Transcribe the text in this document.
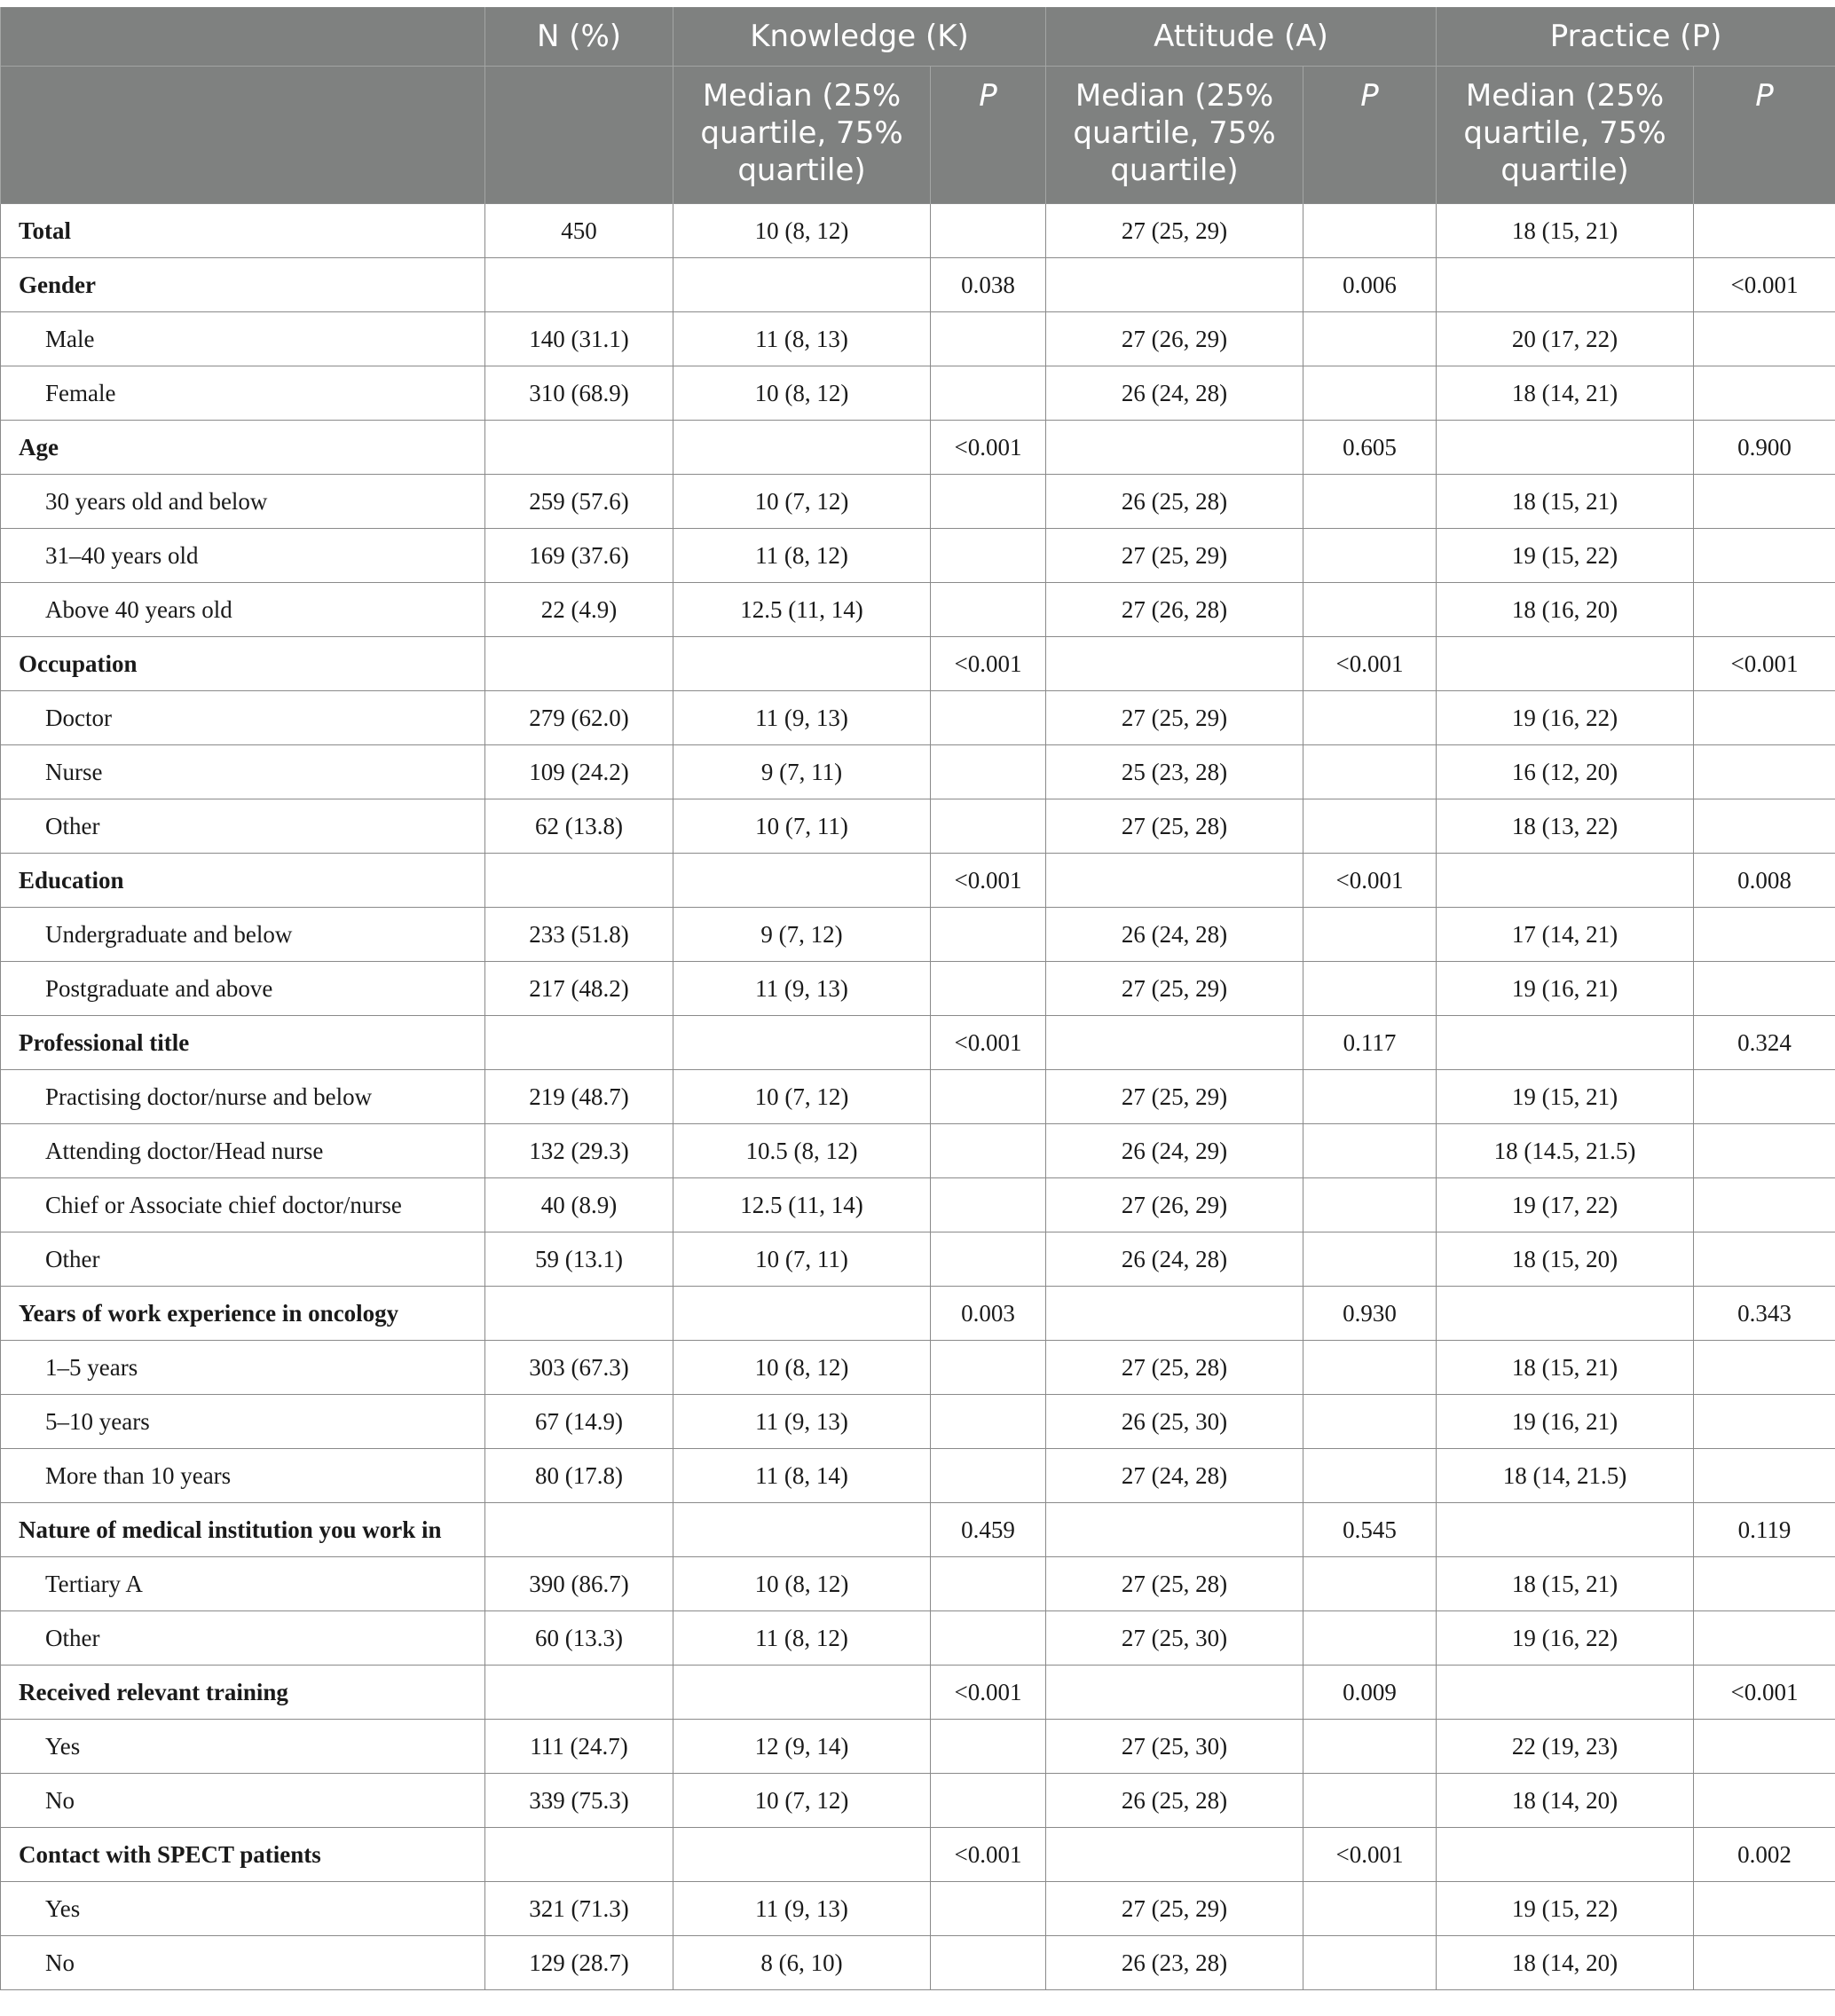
	N (%)	Knowledge (K)		Attitude (A)		Practice (P)	
		Median (25% quartile, 75% quartile)	P	Median (25% quartile, 75% quartile)	P	Median (25% quartile, 75% quartile)	P
Total	450	10 (8, 12)		27 (25, 29)		18 (15, 21)	
Gender			0.038		0.006		<0.001
Male	140 (31.1)	11 (8, 13)		27 (26, 29)		20 (17, 22)	
Female	310 (68.9)	10 (8, 12)		26 (24, 28)		18 (14, 21)	
Age			<0.001		0.605		0.900
30 years old and below	259 (57.6)	10 (7, 12)		26 (25, 28)		18 (15, 21)	
31–40 years old	169 (37.6)	11 (8, 12)		27 (25, 29)		19 (15, 22)	
Above 40 years old	22 (4.9)	12.5 (11, 14)		27 (26, 28)		18 (16, 20)	
Occupation			<0.001		<0.001		<0.001
Doctor	279 (62.0)	11 (9, 13)		27 (25, 29)		19 (16, 22)	
Nurse	109 (24.2)	9 (7, 11)		25 (23, 28)		16 (12, 20)	
Other	62 (13.8)	10 (7, 11)		27 (25, 28)		18 (13, 22)	
Education			<0.001		<0.001		0.008
Undergraduate and below	233 (51.8)	9 (7, 12)		26 (24, 28)		17 (14, 21)	
Postgraduate and above	217 (48.2)	11 (9, 13)		27 (25, 29)		19 (16, 21)	
Professional title			<0.001		0.117		0.324
Practising doctor/nurse and below	219 (48.7)	10 (7, 12)		27 (25, 29)		19 (15, 21)	
Attending doctor/Head nurse	132 (29.3)	10.5 (8, 12)		26 (24, 29)		18 (14.5, 21.5)	
Chief or Associate chief doctor/nurse	40 (8.9)	12.5 (11, 14)		27 (26, 29)		19 (17, 22)	
Other	59 (13.1)	10 (7, 11)		26 (24, 28)		18 (15, 20)	
Years of work experience in oncology			0.003		0.930		0.343
1–5 years	303 (67.3)	10 (8, 12)		27 (25, 28)		18 (15, 21)	
5–10 years	67 (14.9)	11 (9, 13)		26 (25, 30)		19 (16, 21)	
More than 10 years	80 (17.8)	11 (8, 14)		27 (24, 28)		18 (14, 21.5)	
Nature of medical institution you work in			0.459		0.545		0.119
Tertiary A	390 (86.7)	10 (8, 12)		27 (25, 28)		18 (15, 21)	
Other	60 (13.3)	11 (8, 12)		27 (25, 30)		19 (16, 22)	
Received relevant training			<0.001		0.009		<0.001
Yes	111 (24.7)	12 (9, 14)		27 (25, 30)		22 (19, 23)	
No	339 (75.3)	10 (7, 12)		26 (25, 28)		18 (14, 20)	
Contact with SPECT patients			<0.001		<0.001		0.002
Yes	321 (71.3)	11 (9, 13)		27 (25, 29)		19 (15, 22)	
No	129 (28.7)	8 (6, 10)		26 (23, 28)		18 (14, 20)	
